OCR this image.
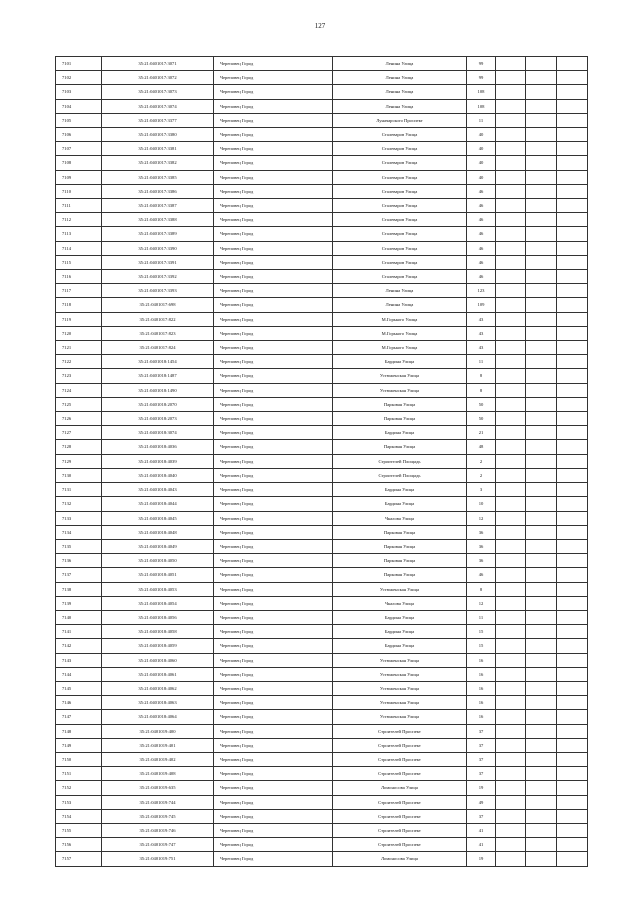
127
7101	35:21:0401017:3071	Череповец Город	Ленина Улица	99			
7102	35:21:0401017:3072	Череповец Город	Ленина Улица	99			
7103	35:21:0401017:3073	Череповец Город	Ленина Улица	108			
7104	35:21:0401017:3074	Череповец Город	Ленина Улица	108			
7105	35:21:0401017:3377	Череповец Город	Луначарского Проспект	11			
7106	35:21:0401017:3380	Череповец Город	Сталеваров Улица	40			
7107	35:21:0401017:3381	Череповец Город	Сталеваров Улица	40			
7108	35:21:0401017:3382	Череповец Город	Сталеваров Улица	40			
7109	35:21:0401017:3385	Череповец Город	Сталеваров Улица	40			
7110	35:21:0401017:3386	Череповец Город	Сталеваров Улица	46			
7111	35:21:0401017:3387	Череповец Город	Сталеваров Улица	46			
7112	35:21:0401017:3388	Череповец Город	Сталеваров Улица	46			
7113	35:21:0401017:3389	Череповец Город	Сталеваров Улица	46			
7114	35:21:0401017:3390	Череповец Город	Сталеваров Улица	46			
7115	35:21:0401017:3391	Череповец Город	Сталеваров Улица	46			
7116	35:21:0401017:3392	Череповец Город	Сталеваров Улица	46			
7117	35:21:0401017:3393	Череповец Город	Ленина Улица	123			
7118	35:21:0401017:698	Череповец Город	Ленина Улица	109			
7119	35:21:0401017:822	Череповец Город	М.Горького Улица	43			
7120	35:21:0401017:823	Череповец Город	М.Горького Улица	43			
7121	35:21:0401017:824	Череповец Город	М.Горького Улица	43			
7122	35:21:0401018:1454	Череповец Город	Бардина Улица	11			
7123	35:21:0401018:1487	Череповец Город	Устюженская Улица	8			
7124	35:21:0401018:1490	Череповец Город	Устюженская Улица	8			
7125	35:21:0401018:2070	Череповец Город	Парковая Улица	50			
7126	35:21:0401018:2073	Череповец Город	Парковая Улица	50			
7127	35:21:0401018:3074	Череповец Город	Бардина Улица	21			
7128	35:21:0401018:4036	Череповец Город	Парковая Улица	48			
7129	35:21:0401018:4039	Череповец Город	Строителей Площадь	2			
7130	35:21:0401018:4040	Череповец Город	Строителей Площадь	2			
7131	35:21:0401018:4043	Череповец Город	Бардина Улица	3			
7132	35:21:0401018:4044	Череповец Город	Бардина Улица	10			
7133	35:21:0401018:4045	Череповец Город	Чкалова Улица	12			
7134	35:21:0401018:4048	Череповец Город	Парковая Улица	36			
7135	35:21:0401018:4049	Череповец Город	Парковая Улица	36			
7136	35:21:0401018:4050	Череповец Город	Парковая Улица	36			
7137	35:21:0401018:4051	Череповец Город	Парковая Улица	46			
7138	35:21:0401018:4053	Череповец Город	Устюженская Улица	8			
7139	35:21:0401018:4054	Череповец Город	Чкалова Улица	12			
7140	35:21:0401018:4056	Череповец Город	Бардина Улица	11			
7141	35:21:0401018:4058	Череповец Город	Бардина Улица	15			
7142	35:21:0401018:4059	Череповец Город	Бардина Улица	15			
7143	35:21:0401018:4060	Череповец Город	Устюженская Улица	16			
7144	35:21:0401018:4061	Череповец Город	Устюженская Улица	16			
7145	35:21:0401018:4062	Череповец Город	Устюженская Улица	16			
7146	35:21:0401018:4063	Череповец Город	Устюженская Улица	16			
7147	35:21:0401018:4064	Череповец Город	Устюженская Улица	16			
7148	35:21:0401019:400	Череповец Город	Строителей Проспект	37			
7149	35:21:0401019:401	Череповец Город	Строителей Проспект	37			
7150	35:21:0401019:402	Череповец Город	Строителей Проспект	37			
7151	35:21:0401019:408	Череповец Город	Строителей Проспект	37			
7152	35:21:0401019:635	Череповец Город	Ломоносова Улица	19			
7153	35:21:0401019:744	Череповец Город	Строителей Проспект	49			
7154	35:21:0401019:745	Череповец Город	Строителей Проспект	37			
7155	35:21:0401019:746	Череповец Город	Строителей Проспект	41			
7156	35:21:0401019:747	Череповец Город	Строителей Проспект	41			
7157	35:21:0401019:751	Череповец Город	Ломоносова Улица	19			
